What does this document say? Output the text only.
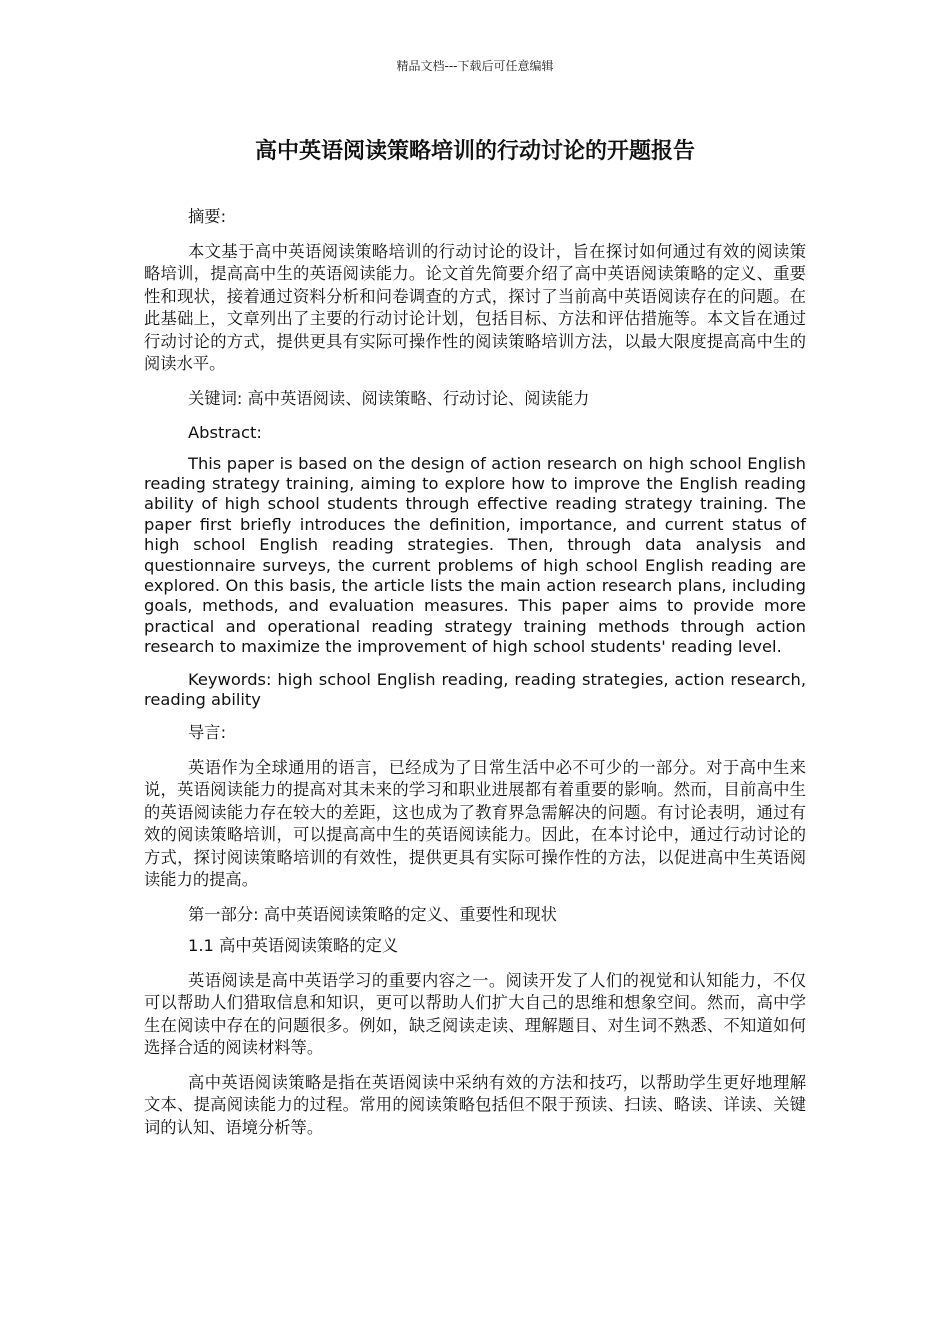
精品文档---下载后可任意编辑
高中英语阅读策略培训的行动讨论的开题报告

摘要:

本文基于高中英语阅读策略培训的行动讨论的设计，旨在探讨如何通过有效的阅读策略培训，提高高中生的英语阅读能力。论文首先简要介绍了高中英语阅读策略的定义、重要性和现状，接着通过资料分析和问卷调查的方式，探讨了当前高中英语阅读存在的问题。在此基础上，文章列出了主要的行动讨论计划，包括目标、方法和评估措施等。本文旨在通过行动讨论的方式，提供更具有实际可操作性的阅读策略培训方法，以最大限度提高高中生的阅读水平。

关键词: 高中英语阅读、阅读策略、行动讨论、阅读能力

Abstract:

This paper is based on the design of action research on high school English reading strategy training, aiming to explore how to improve the English reading ability of high school students through effective reading strategy training. The paper first briefly introduces the definition, importance, and current status of high school English reading strategies. Then, through data analysis and questionnaire surveys, the current problems of high school English reading are explored. On this basis, the article lists the main action research plans, including goals, methods, and evaluation measures. This paper aims to provide more practical and operational reading strategy training methods through action research to maximize the improvement of high school students' reading level.

Keywords: high school English reading, reading strategies, action research, reading ability

导言:

英语作为全球通用的语言，已经成为了日常生活中必不可少的一部分。对于高中生来说，英语阅读能力的提高对其未来的学习和职业进展都有着重要的影响。然而，目前高中生的英语阅读能力存在较大的差距，这也成为了教育界急需解决的问题。有讨论表明，通过有效的阅读策略培训，可以提高高中生的英语阅读能力。因此，在本讨论中，通过行动讨论的方式，探讨阅读策略培训的有效性，提供更具有实际可操作性的方法，以促进高中生英语阅读能力的提高。

第一部分: 高中英语阅读策略的定义、重要性和现状

1.1 高中英语阅读策略的定义

英语阅读是高中英语学习的重要内容之一。阅读开发了人们的视觉和认知能力，不仅可以帮助人们猎取信息和知识，更可以帮助人们扩大自己的思维和想象空间。然而，高中学生在阅读中存在的问题很多。例如，缺乏阅读走读、理解题目、对生词不熟悉、不知道如何选择合适的阅读材料等。

高中英语阅读策略是指在英语阅读中采纳有效的方法和技巧，以帮助学生更好地理解文本、提高阅读能力的过程。常用的阅读策略包括但不限于预读、扫读、略读、详读、关键词的认知、语境分析等。
